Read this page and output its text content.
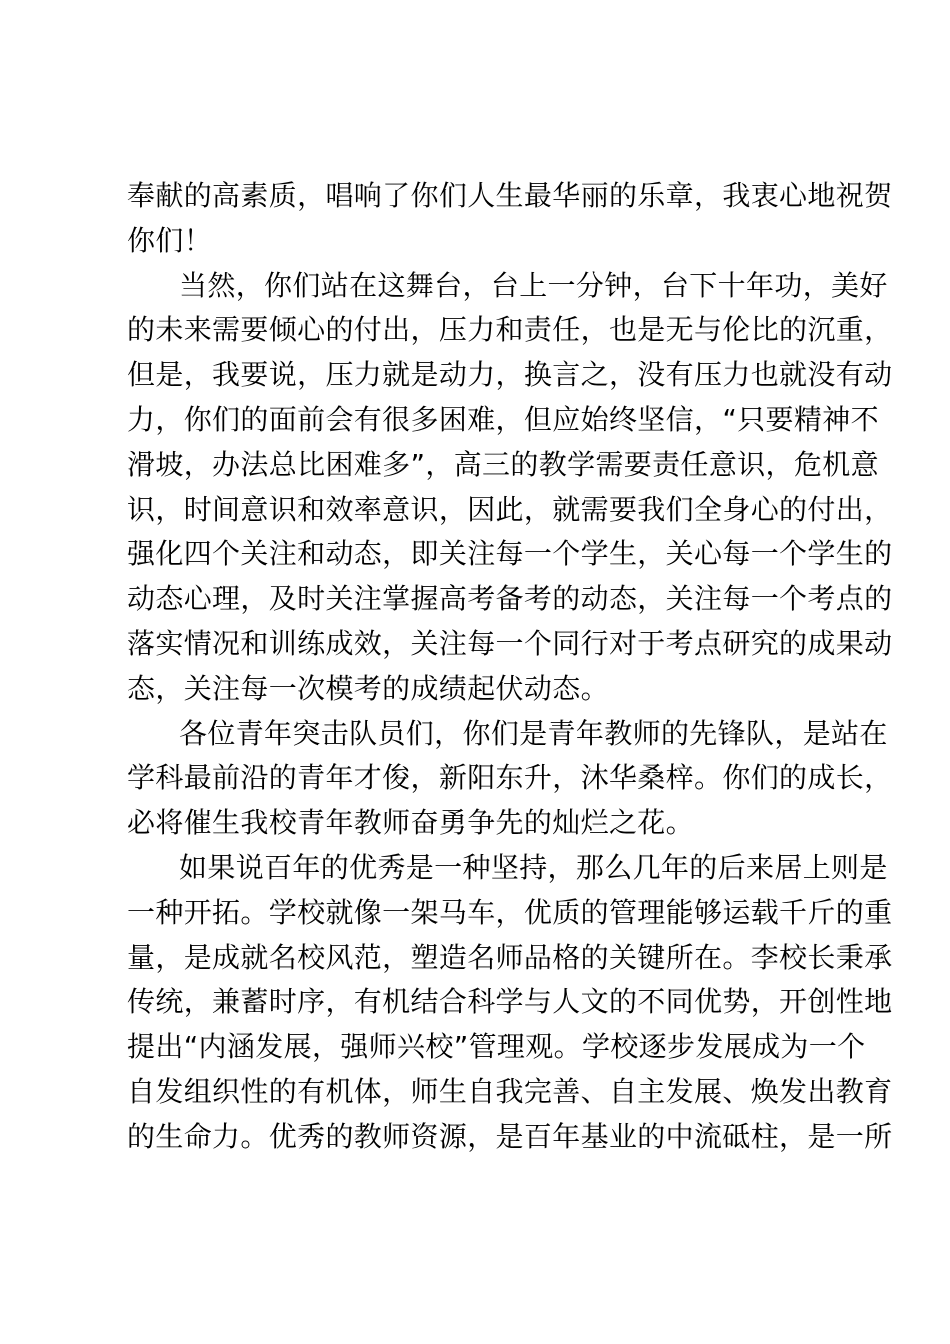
奉献的高素质，唱响了你们人生最华丽的乐章，我衷心地祝贺
你们！
当然，你们站在这舞台，台上一分钟，台下十年功，美好
的未来需要倾心的付出，压力和责任，也是无与伦比的沉重，
但是，我要说，压力就是动力，换言之，没有压力也就没有动
力，你们的面前会有很多困难，但应始终坚信，“只要精神不
滑坡，办法总比困难多”，高三的教学需要责任意识，危机意
识，时间意识和效率意识，因此，就需要我们全身心的付出，
强化四个关注和动态，即关注每一个学生，关心每一个学生的
动态心理，及时关注掌握高考备考的动态，关注每一个考点的
落实情况和训练成效，关注每一个同行对于考点研究的成果动
态，关注每一次模考的成绩起伏动态。
各位青年突击队员们，你们是青年教师的先锋队，是站在
学科最前沿的青年才俊，新阳东升，沐华桑梓。你们的成长，
必将催生我校青年教师奋勇争先的灿烂之花。
如果说百年的优秀是一种坚持，那么几年的后来居上则是
一种开拓。学校就像一架马车，优质的管理能够运载千斤的重
量，是成就名校风范，塑造名师品格的关键所在。李校长秉承
传统，兼蓄时序，有机结合科学与人文的不同优势，开创性地
提出“内涵发展，强师兴校”管理观。学校逐步发展成为一个
自发组织性的有机体，师生自我完善、自主发展、焕发出教育
的生命力。优秀的教师资源，是百年基业的中流砥柱，是一所
